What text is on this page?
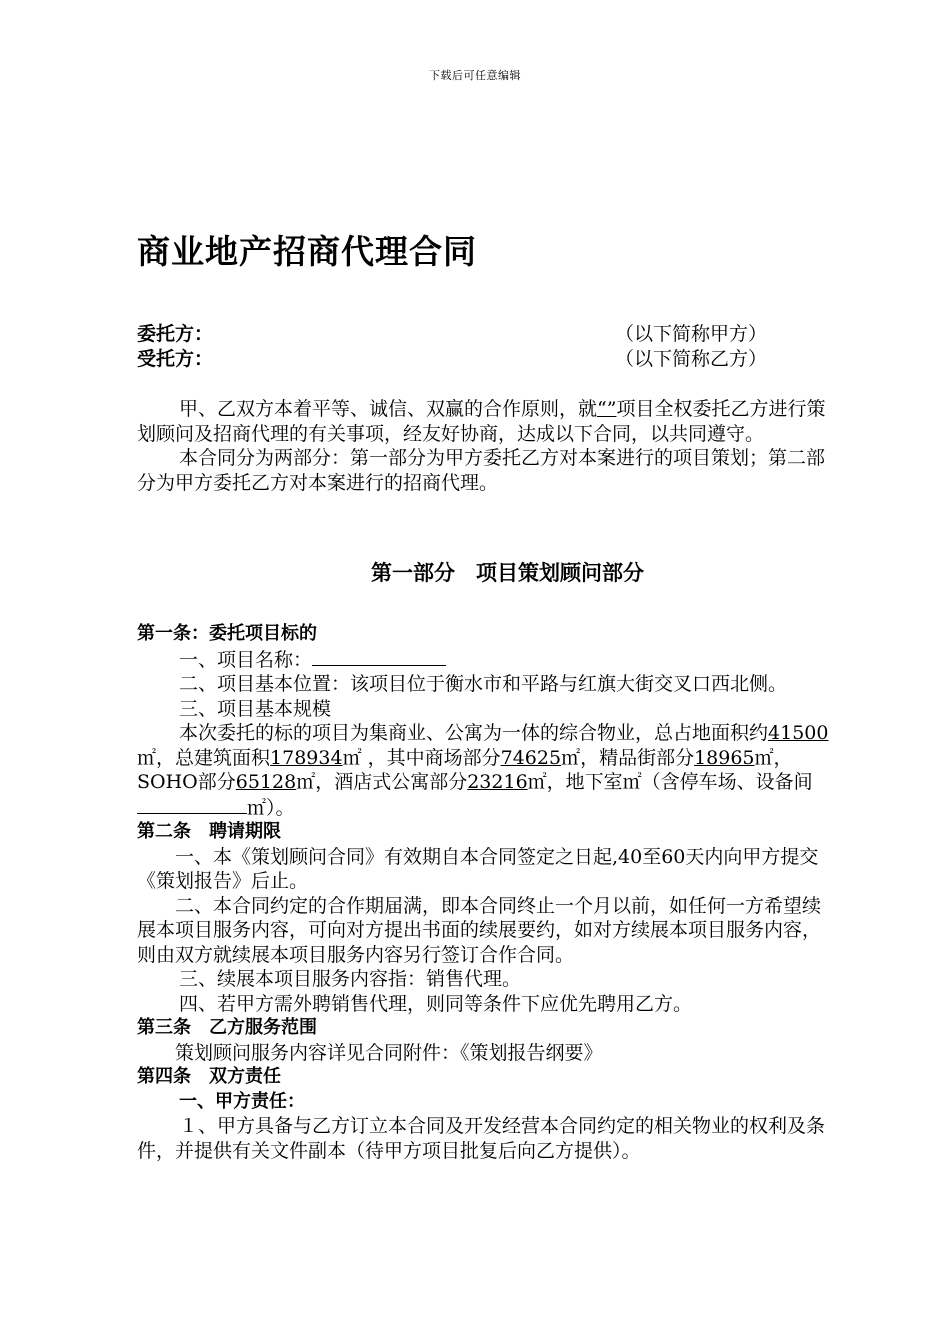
下载后可任意编辑
商业地产招商代理合同
委托方：	（以下简称甲方）
受托方：	（以下简称乙方）

甲、乙双方本着平等、诚信、双赢的合作原则，就“”项目全权委托乙方进行策划顾问及招商代理的有关事项，经友好协商，达成以下合同，以共同遵守。

本合同分为两部分：第一部分为甲方委托乙方对本案进行的项目策划；第二部分为甲方委托乙方对本案进行的招商代理。

第一部分　项目策划顾问部分

第一条：委托项目标的

一、项目名称：

二、项目基本位置：该项目位于衡水市和平路与红旗大街交叉口西北侧。

三、项目基本规模

本次委托的标的项目为集商业、公寓为一体的综合物业，总占地面积约41500㎡，总建筑面积178934㎡ ，其中商场部分74625㎡，精品街部分18965㎡，SOHO部分65128㎡，酒店式公寓部分23216㎡，地下室㎡（含停车场、设备间㎡）。

第二条　聘请期限

一、本《策划顾问合同》有效期自本合同签定之日起,40至60天内向甲方提交《策划报告》后止。

二、本合同约定的合作期届满，即本合同终止一个月以前，如任何一方希望续展本项目服务内容，可向对方提出书面的续展要约，如对方续展本项目服务内容，则由双方就续展本项目服务内容另行签订合作合同。

三、续展本项目服务内容指：销售代理。

四、若甲方需外聘销售代理，则同等条件下应优先聘用乙方。

第三条　乙方服务范围

策划顾问服务内容详见合同附件：《策划报告纲要》

第四条　双方责任

一、甲方责任：

１、甲方具备与乙方订立本合同及开发经营本合同约定的相关物业的权利及条件，并提供有关文件副本（待甲方项目批复后向乙方提供）。
